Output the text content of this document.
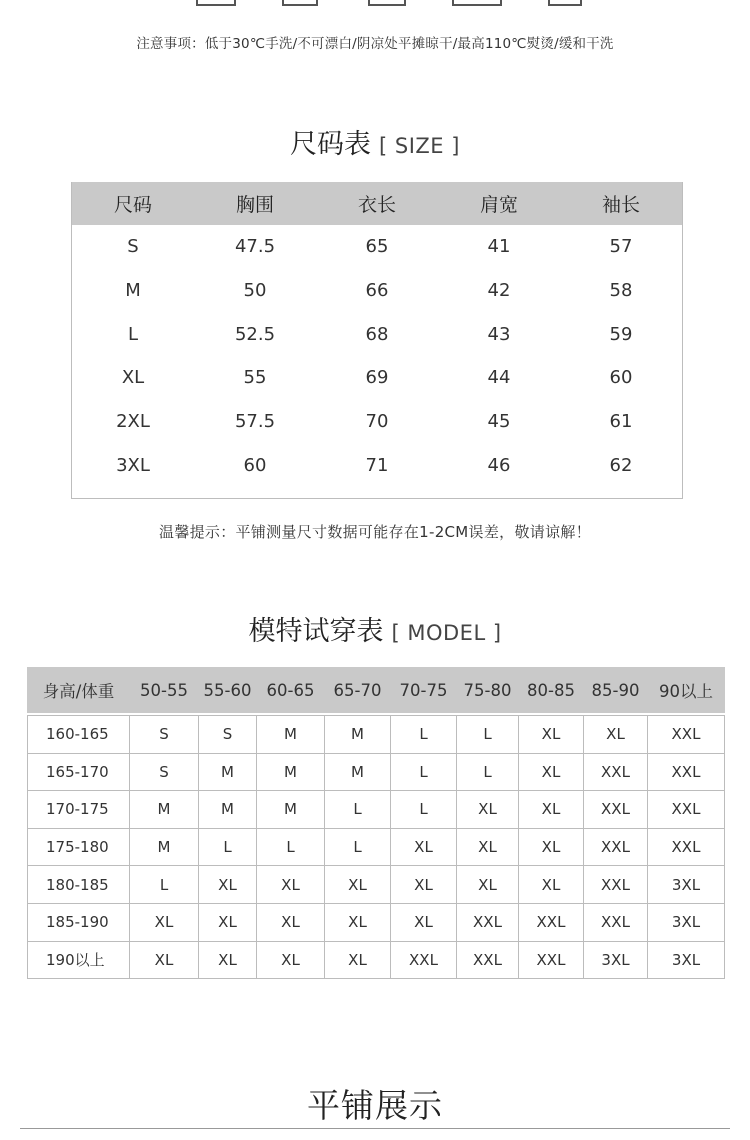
注意事项：低于30℃手洗/不可漂白/阴凉处平摊晾干/最高110℃熨烫/缓和干洗
尺码表 [ SIZE ]
尺码	胸围	衣长	肩宽	袖长
S	47.5	65	41	57
M	50	66	42	58
L	52.5	68	43	59
XL	55	69	44	60
2XL	57.5	70	45	61
3XL	60	71	46	62
温馨提示：平铺测量尺寸数据可能存在1-2CM误差，敬请谅解！
模特试穿表 [ MODEL ]
身高/体重	50-55	55-60	60-65	65-70	70-75	75-80	80-85	85-90	90以上

160-165	S	S	M	M	L	L	XL	XL	XXL
165-170	S	M	M	M	L	L	XL	XXL	XXL
170-175	M	M	M	L	L	XL	XL	XXL	XXL
175-180	M	L	L	L	XL	XL	XL	XXL	XXL
180-185	L	XL	XL	XL	XL	XL	XL	XXL	3XL
185-190	XL	XL	XL	XL	XL	XXL	XXL	XXL	3XL
190以上	XL	XL	XL	XL	XXL	XXL	XXL	3XL	3XL
平铺展示
